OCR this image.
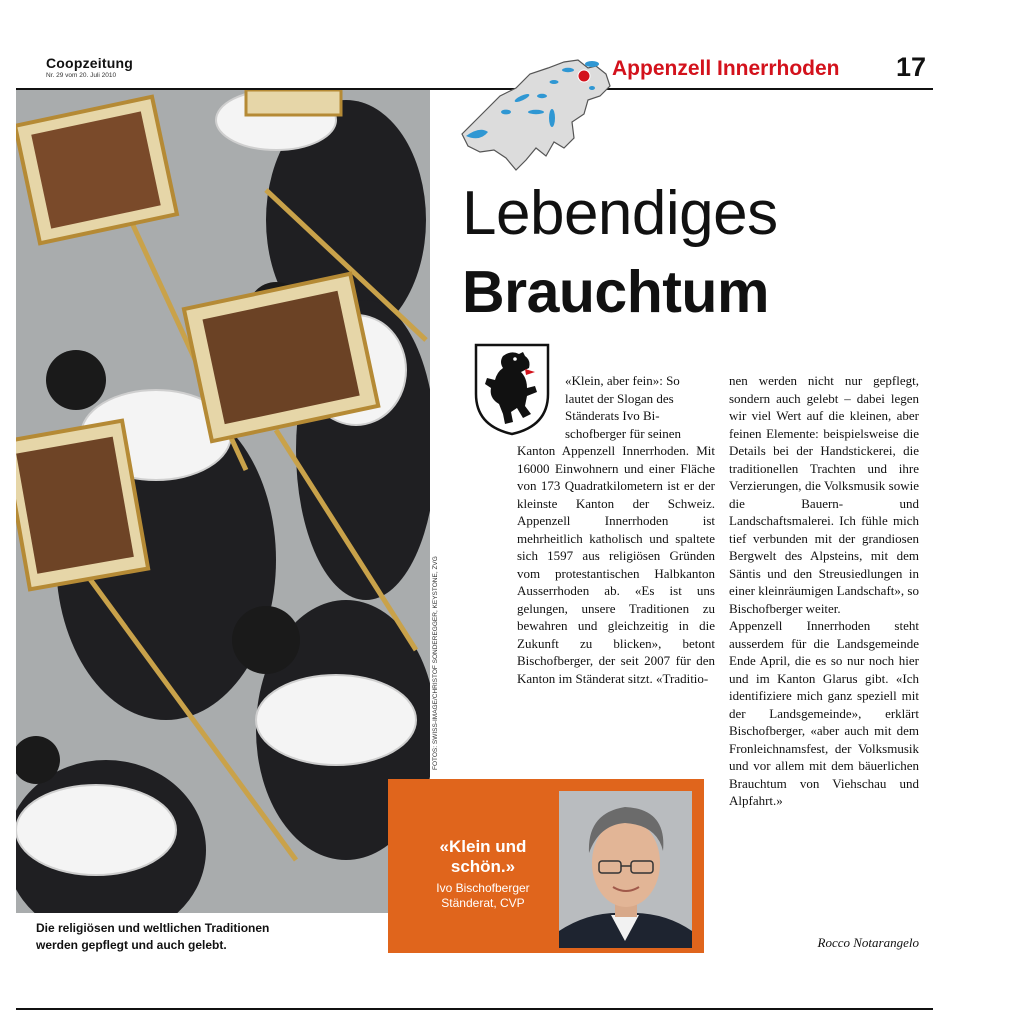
Coopzeitung
Nr. 29 vom 20. Juli 2010	Appenzell Innerrhoden 17
FOTOS: SWISS-IMAGE/CHRISTOF SONDEREGGER, KEYSTONE, ZVG
Die religiösen und weltlichen Traditionen
werden gepflegt und auch gelebt.
Lebendiges
Brauchtum
«Klein, aber fein»: So
lautet der Slogan des
Ständerats Ivo Bi-
schofberger für seinen

Kanton Appenzell Innerrhoden. Mit 16000 Einwohnern und einer Fläche von 173 Quadratkilometern ist er der kleinste Kanton der Schweiz. Appenzell Innerrhoden ist mehrheitlich katholisch und spaltete sich 1597 aus religiösen Gründen vom protestantischen Halbkanton Ausserrhoden ab. «Es ist uns gelungen, unsere Traditionen zu bewahren und gleichzeitig in die Zukunft zu blicken», betont Bischofberger, der seit 2007 für den Kanton im Ständerat sitzt. «Traditio-

nen werden nicht nur gepflegt, sondern auch gelebt – dabei legen wir viel Wert auf die kleinen, aber feinen Elemente: beispielsweise die Details bei der Handstickerei, die traditionellen Trachten und ihre Verzierungen, die Volksmusik sowie die Bauern- und Landschaftsmalerei. Ich fühle mich tief verbunden mit der grandiosen Bergwelt des Alpsteins, mit dem Säntis und den Streusiedlungen in einer kleinräumigen Landschaft», so Bischofberger weiter.

Appenzell Innerrhoden steht ausserdem für die Landsgemeinde Ende April, die es so nur noch hier und im Kanton Glarus gibt. «Ich identifiziere mich ganz speziell mit der Landsgemeinde», erklärt Bischofberger, «aber auch mit dem Fronleichnamsfest, der Volksmusik und vor allem mit dem bäuerlichen Brauchtum von Viehschau und Alpfahrt.»

Rocco Notarangelo
«Klein und
schön.»
Ivo Bischofberger
Ständerat, CVP
